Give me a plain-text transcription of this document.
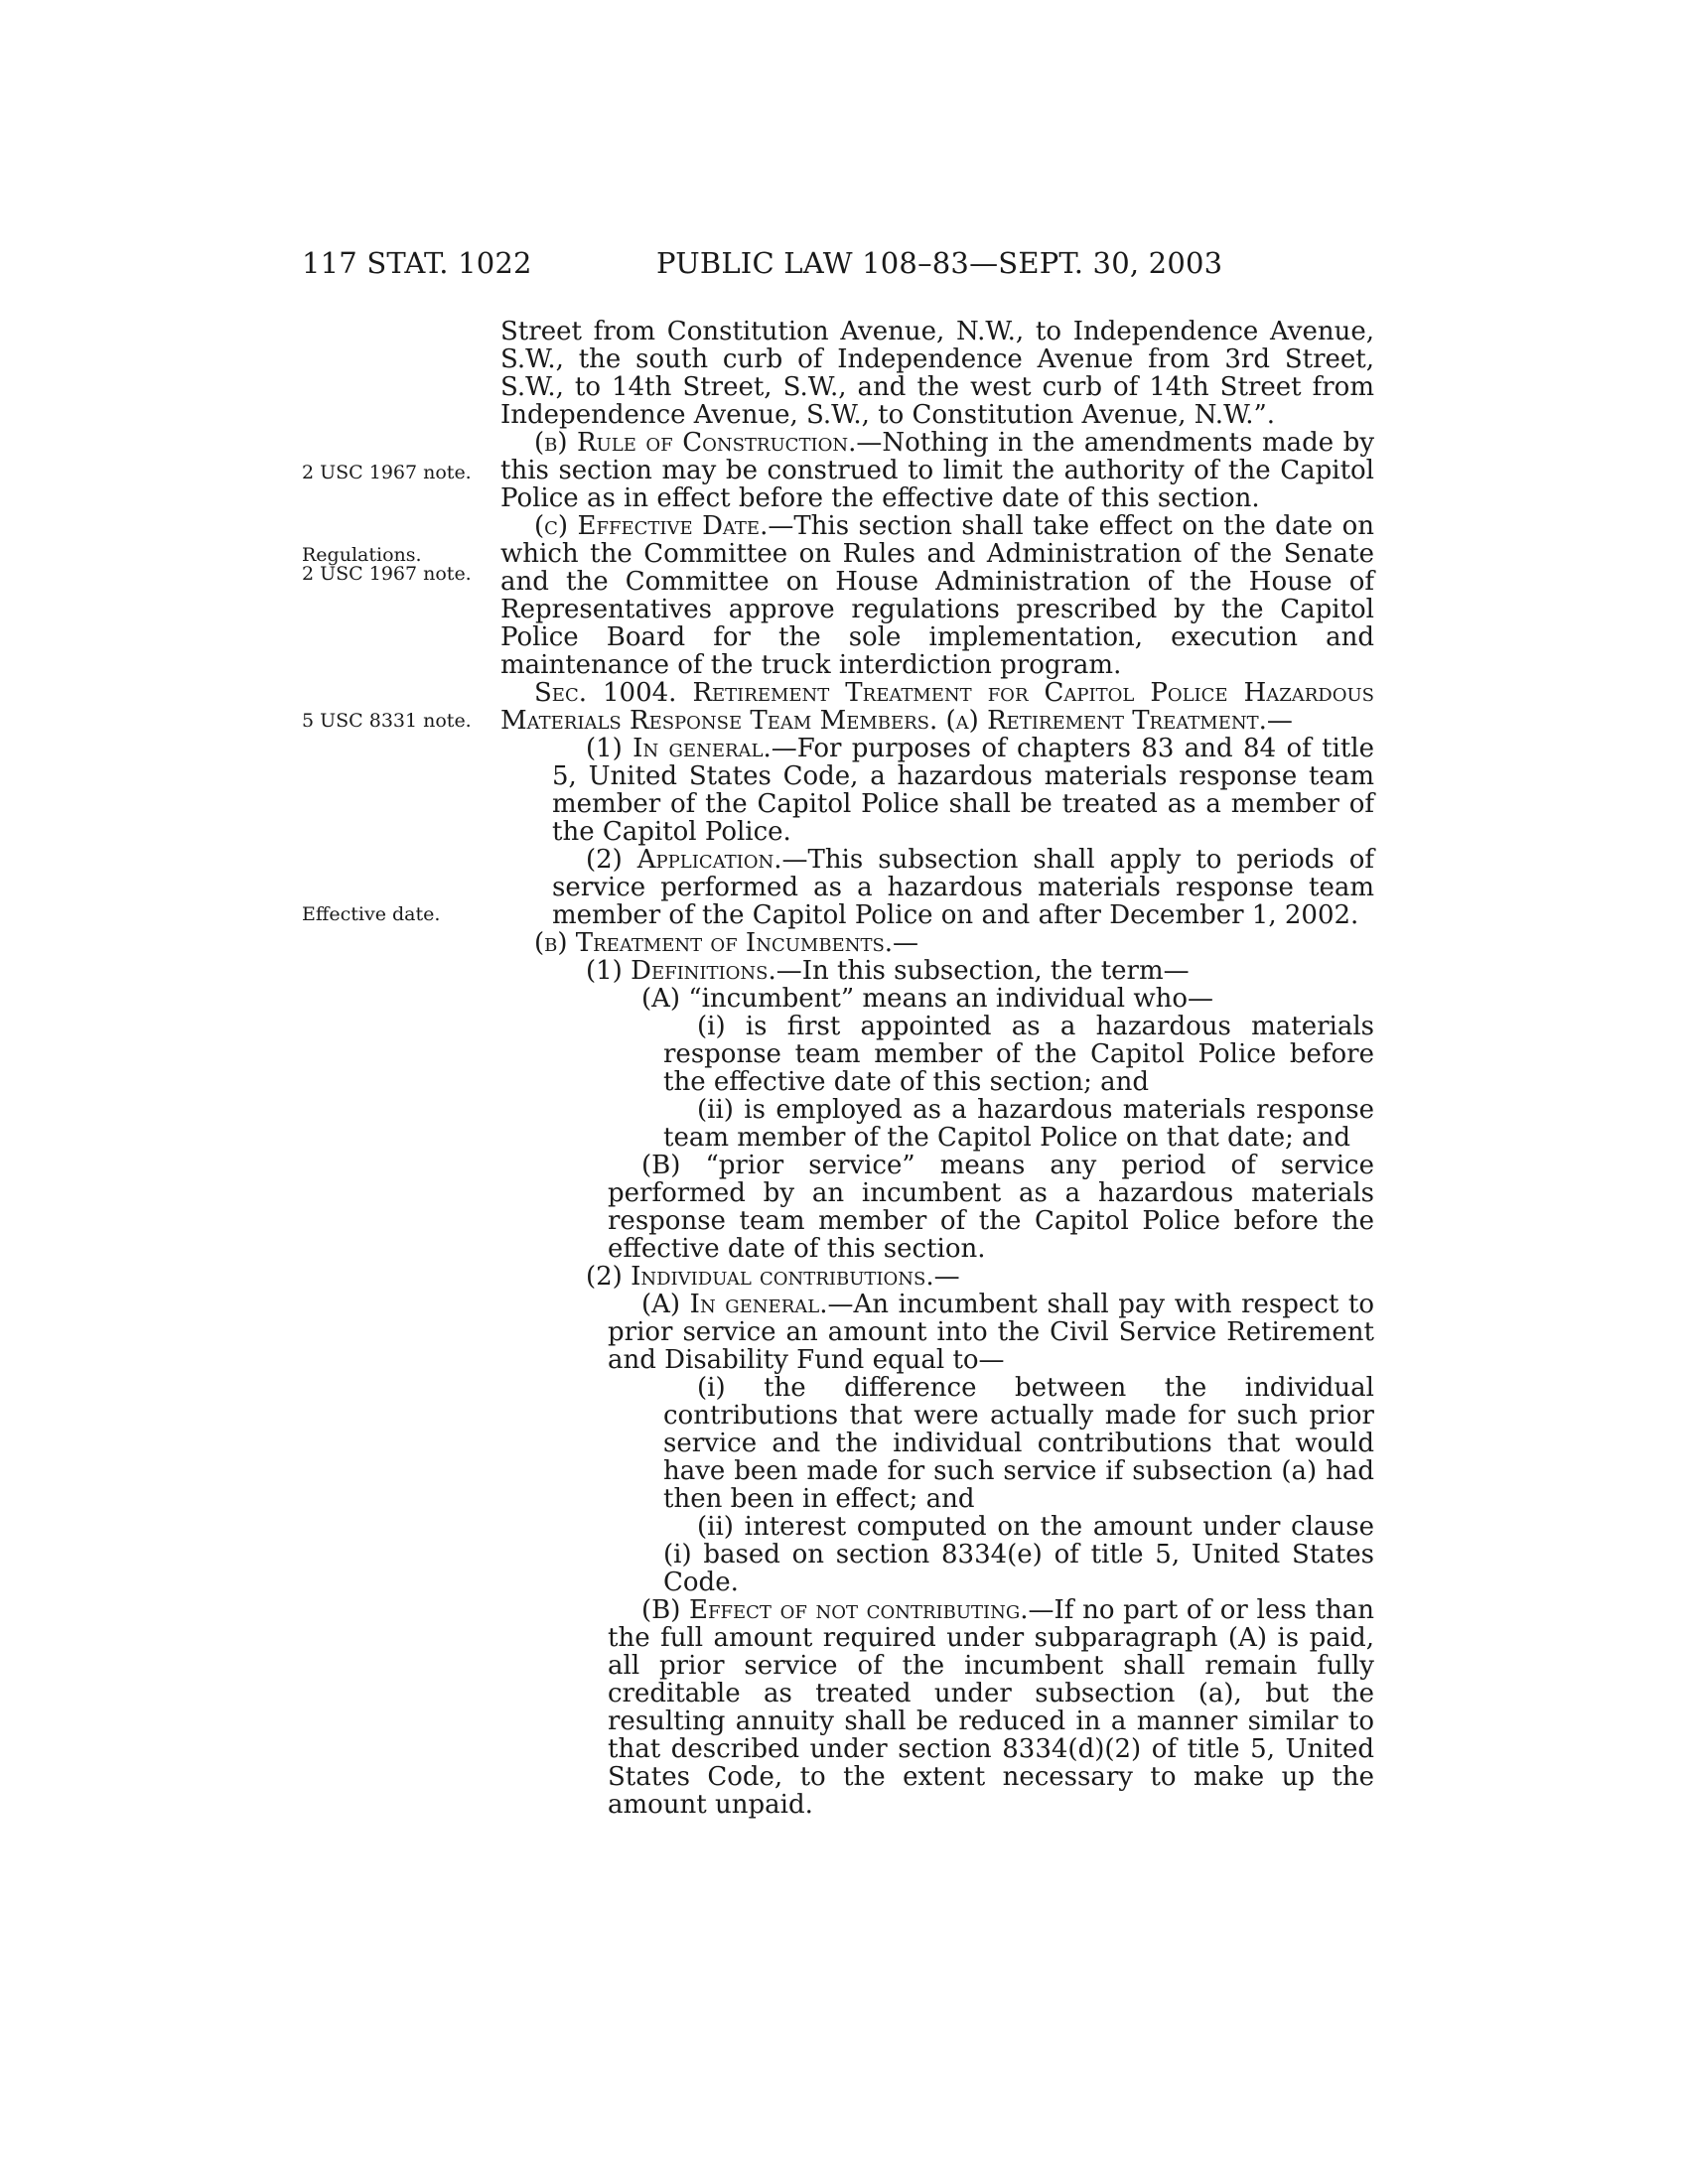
117 STAT. 1022	PUBLIC LAW 108–83—SEPT. 30, 2003
2 USC 1967 note.
Regulations.
2 USC 1967 note.
5 USC 8331 note.
Effective date.

Street from Constitution Avenue, N.W., to Independence Avenue, S.W., the south curb of Independence Avenue from 3rd Street, S.W., to 14th Street, S.W., and the west curb of 14th Street from Independence Avenue, S.W., to Constitution Avenue, N.W.”.

(b) Rule of Construction.—Nothing in the amendments made by this section may be construed to limit the authority of the Capitol Police as in effect before the effective date of this section.

(c) Effective Date.—This section shall take effect on the date on which the Committee on Rules and Administration of the Senate and the Committee on House Administration of the House of Representatives approve regulations prescribed by the Capitol Police Board for the sole implementation, execution and maintenance of the truck interdiction program.

Sec. 1004. Retirement Treatment for Capitol Police Hazardous Materials Response Team Members. (a) Retirement Treatment.—

(1) In general.—For purposes of chapters 83 and 84 of title 5, United States Code, a hazardous materials response team member of the Capitol Police shall be treated as a member of the Capitol Police.

(2) Application.—This subsection shall apply to periods of service performed as a hazardous materials response team member of the Capitol Police on and after December 1, 2002.

(b) Treatment of Incumbents.—

(1) Definitions.—In this subsection, the term—

(A) “incumbent” means an individual who—

(i) is first appointed as a hazardous materials response team member of the Capitol Police before the effective date of this section; and

(ii) is employed as a hazardous materials response team member of the Capitol Police on that date; and

(B) “prior service” means any period of service performed by an incumbent as a hazardous materials response team member of the Capitol Police before the effective date of this section.

(2) Individual contributions.—

(A) In general.—An incumbent shall pay with respect to prior service an amount into the Civil Service Retirement and Disability Fund equal to—

(i) the difference between the individual contributions that were actually made for such prior service and the individual contributions that would have been made for such service if subsection (a) had then been in effect; and

(ii) interest computed on the amount under clause (i) based on section 8334(e) of title 5, United States Code.

(B) Effect of not contributing.—If no part of or less than the full amount required under subparagraph (A) is paid, all prior service of the incumbent shall remain fully creditable as treated under subsection (a), but the resulting annuity shall be reduced in a manner similar to that described under section 8334(d)(2) of title 5, United States Code, to the extent necessary to make up the amount unpaid.
